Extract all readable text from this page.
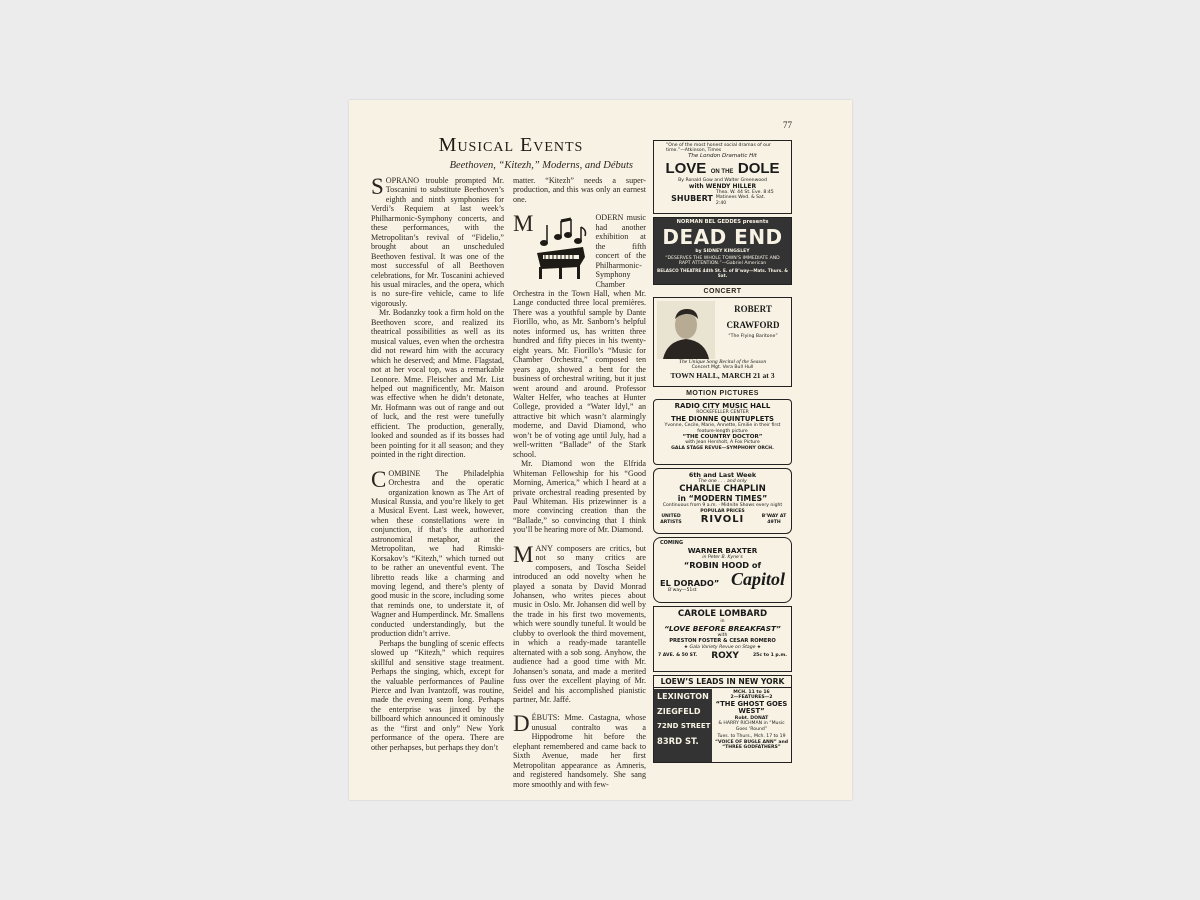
77
Musical Events
Beethoven, “Kitezh,” Moderns, and Débuts

SOPRANO trouble prompted Mr. Toscanini to substitute Beethoven’s eighth and ninth symphonies for Verdi’s Requiem at last week’s Philharmonic-Symphony concerts, and these performances, with the Metropolitan’s revival of “Fidelio,” brought about an unscheduled Beethoven festival. It was one of the most successful of all Beethoven celebrations, for Mr. Toscanini achieved his usual miracles, and the opera, which is no sure-fire vehicle, came to life vigorously.

Mr. Bodanzky took a firm hold on the Beethoven score, and realized its theatrical possibilities as well as its musical values, even when the orchestra did not reward him with the accuracy which he deserved; and Mme. Flagstad, not at her vocal top, was a remarkable Leonore. Mme. Fleischer and Mr. List helped out magnificently, Mr. Maison was effective when he didn’t detonate, Mr. Hofmann was out of range and out of luck, and the rest were tunefully efficient. The production, generally, looked and sounded as if its bosses had been pointing for it all season; and they pointed in the right direction.

COMBINE The Philadelphia Orchestra and the operatic organization known as The Art of Musical Russia, and you’re likely to get a Musical Event. Last week, however, when these constellations were in conjunction, if that’s the authorized astronomical metaphor, at the Metropolitan, we had Rimski-Korsakov’s “Kitezh,” which turned out to be rather an uneventful event. The libretto reads like a charming and moving legend, and there’s plenty of good music in the score, including some that reminds one, to understate it, of Wagner and Humperdinck. Mr. Smallens conducted understandingly, but the production didn’t arrive.

Perhaps the bungling of scenic effects slowed up “Kitezh,” which requires skillful and sensitive stage treatment. Perhaps the singing, which, except for the valuable performances of Pauline Pierce and Ivan Ivantzoff, was routine, made the evening seem long. Perhaps the enterprise was jinxed by the billboard which announced it ominously as the “first and only” New York performance of the opera. There are other perhapses, but perhaps they don’t

matter. “Kitezh” needs a super-production, and this was only an earnest one.

M	ODERN music had another exhibition at the fifth concert of the Philharmonic-Symphony Chamber Orchestra in the Town Hall, when Mr. Lange conducted three local premières. There was a youthful sample by Dante Fiorillo, who, as Mr. Sanborn’s helpful notes informed us, has written three hundred and fifty pieces in his twenty-eight years. Mr. Fiorillo’s “Music for Chamber Orchestra,” composed ten years ago, showed a bent for the business of orchestral writing, but it just went around and around. Professor Walter Helfer, who teaches at Hunter College, provided a “Water Idyl,” an attractive bit which wasn’t alarmingly moderne, and David Diamond, who won’t be of voting age until July, had a well-written “Ballade” of the Stark school.

Mr. Diamond won the Elfrida Whiteman Fellowship for his “Good Morning, America,” which I heard at a private orchestral reading presented by Paul Whiteman. His prizewinner is a more convincing creation than the “Ballade,” so convincing that I think you’ll be hearing more of Mr. Diamond.

MANY composers are critics, but not so many critics are composers, and Toscha Seidel introduced an odd novelty when he played a sonata by David Monrad Johansen, who writes pieces about music in Oslo. Mr. Johansen did well by the trade in his first two movements, which were soundly tuneful. It would be clubby to overlook the third movement, in which a ready-made tarantelle alternated with a sob song. Anyhow, the audience had a good time with Mr. Johansen’s sonata, and made a merited fuss over the excellent playing of Mr. Seidel and his accomplished pianistic partner, Mr. Jaffé.

DÉBUTS: Mme. Castagna, whose unusual contralto was a Hippodrome hit before the elephant remembered and came back to Sixth Avenue, made her first Metropolitan appearance as Amneris, and registered handsomely. She sang more smoothly and with few-

“One of the most honest social dramas of our time.”—Atkinson, Times
The London Dramatic Hit
LOVE ON THE DOLE
By Ronald Gow and Walter Greenwood
with WENDY HILLER
SHUBERT
Thea. W. 44 St. Eve. 8:45 Matinees Wed. & Sat. 2:40
NORMAN BEL GEDDES presents
DEAD END
by SIDNEY KINGSLEY
“DESERVES THE WHOLE TOWN’S IMMEDIATE AND RAPT ATTENTION.”—Gabriel American
BELASCO THEATRE 44th St. E. of B’way—Mats. Thurs. & Sat.
CONCERT
ROBERT
CRAWFORD
“The Flying Baritone”
The Unique Song Recital of the Season
Concert Mgt. Vera Bull Hull
TOWN HALL, MARCH 21 at 3
MOTION PICTURES
RADIO CITY MUSIC HALL
ROCKEFELLER CENTER
THE DIONNE QUINTUPLETS
Yvonne, Cecile, Marie, Annette, Emilie in their first feature-length picture
“THE COUNTRY DOCTOR”
with Jean Hersholt, A Fox Picture
GALA STAGE REVUE—SYMPHONY ORCH.
6th and Last Week
The one . . . and only
CHARLIE CHAPLIN
in “MODERN TIMES”
Continuous from 9 a.m. · Midnite Shows every night
POPULAR PRICES
UNITED ARTISTS RIVOLI	B’WAY AT 49TH
COMING
WARNER BAXTER
in Peter B. Kyne’s
“ROBIN HOOD of
EL DORADO” Capitol
B’way—51st
CAROLE LOMBARD
in
“LOVE BEFORE BREAKFAST”
with
PRESTON FOSTER & CESAR ROMERO
★ Gala Variety Revue on Stage ★
7 AVE. & 50 ST. ROXY	25c to 1 p.m.
LOEW’S LEADS IN NEW YORK
LEXINGTON
ZIEGFELD
72ND STREET
83RD ST.
MCH. 11 to 16
2—FEATURES—2
“THE GHOST GOES WEST”
Robt. DONAT
& HARRY RICHMAN in “Music Goes ‘Round”
Tues. to Thurs., Mch. 17 to 19
“VOICE OF BUGLE ANN” and “THREE GODFATHERS”
